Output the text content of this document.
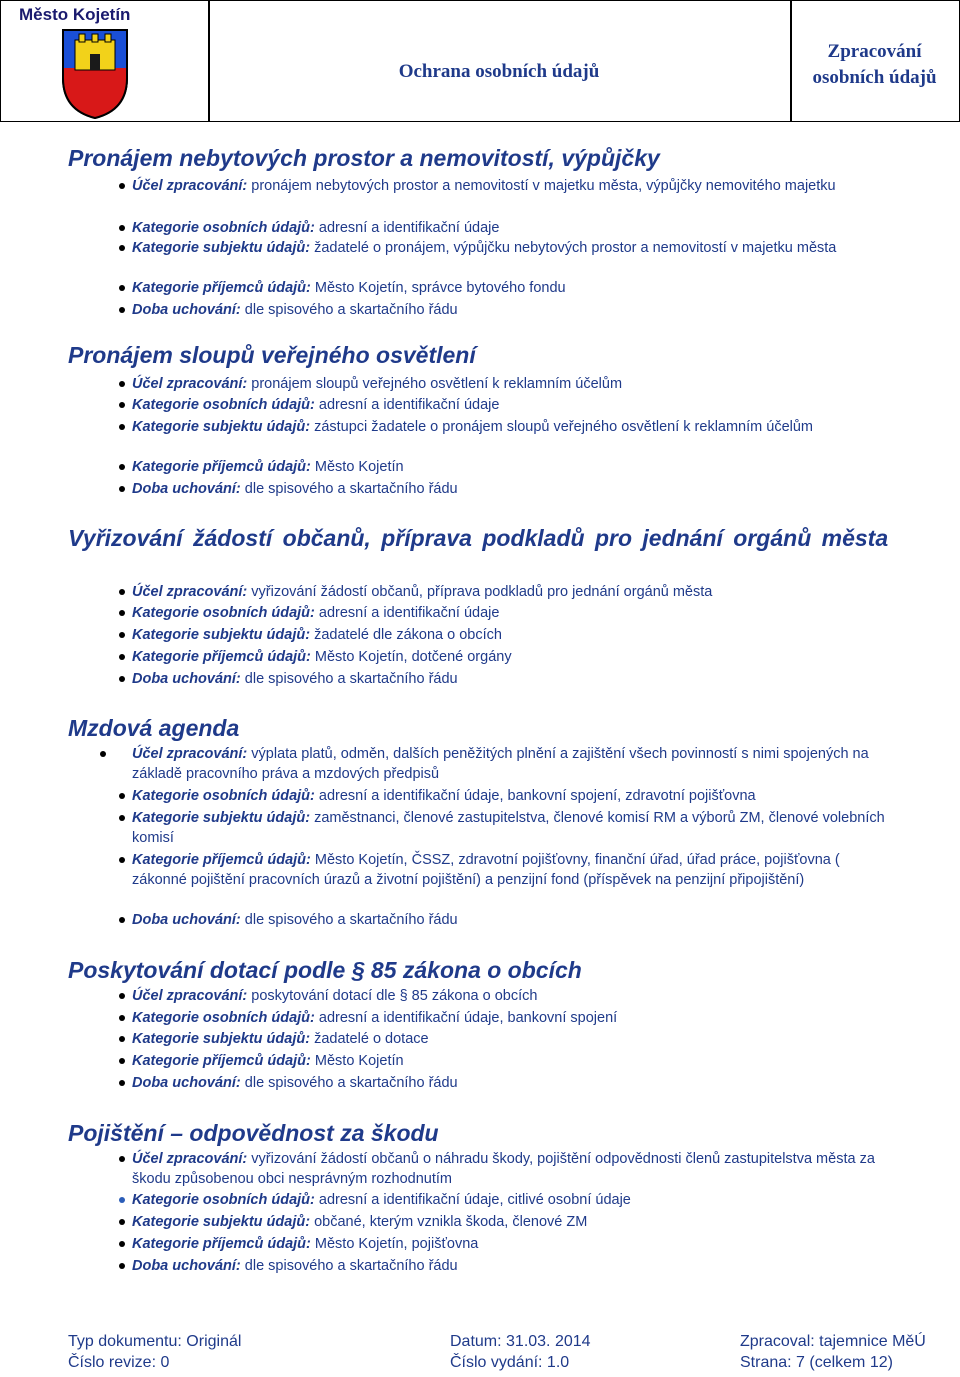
Město Kojetín
Ochrana osobních údajů
Zpracování
osobních údajů
Pronájem nebytových prostor a nemovitostí, výpůjčky
Účel zpracování: pronájem nebytových prostor a nemovitostí v majetku města, výpůjčky nemovitého majetku
Kategorie osobních údajů: adresní a identifikační údaje
Kategorie subjektu údajů: žadatelé o pronájem, výpůjčku nebytových prostor a nemovitostí v majetku města
Kategorie příjemců údajů: Město Kojetín, správce bytového fondu
Doba uchování: dle spisového a skartačního řádu
Pronájem sloupů veřejného osvětlení
Účel zpracování: pronájem sloupů veřejného osvětlení k reklamním účelům
Kategorie osobních údajů: adresní a identifikační údaje
Kategorie subjektu údajů: zástupci žadatele o pronájem sloupů veřejného osvětlení k reklamním účelům
Kategorie příjemců údajů: Město Kojetín
Doba uchování: dle spisového a skartačního řádu
Vyřizování žádostí občanů, příprava podkladů pro jednání orgánů města
Účel zpracování: vyřizování žádostí občanů, příprava podkladů pro jednání orgánů města
Kategorie osobních údajů: adresní a identifikační údaje
Kategorie subjektu údajů: žadatelé dle zákona o obcích
Kategorie příjemců údajů: Město Kojetín, dotčené orgány
Doba uchování: dle spisového a skartačního řádu
Mzdová agenda
Účel zpracování: výplata platů, odměn, dalších peněžitých plnění a zajištění všech povinností s nimi spojených na základě pracovního práva a mzdových předpisů
Kategorie osobních údajů: adresní a identifikační údaje, bankovní spojení, zdravotní pojišťovna
Kategorie subjektu údajů: zaměstnanci, členové zastupitelstva, členové komisí RM a výborů ZM, členové volebních komisí
Kategorie příjemců údajů: Město Kojetín, ČSSZ, zdravotní pojišťovny, finanční úřad, úřad práce, pojišťovna ( zákonné pojištění pracovních úrazů a životní pojištění) a penzijní fond (příspěvek na penzijní připojištění)
Doba uchování: dle spisového a skartačního řádu
Poskytování dotací podle § 85 zákona o obcích
Účel zpracování: poskytování dotací dle § 85 zákona o obcích
Kategorie osobních údajů: adresní a identifikační údaje, bankovní spojení
Kategorie subjektu údajů: žadatelé o dotace
Kategorie příjemců údajů: Město Kojetín
Doba uchování: dle spisového a skartačního řádu
Pojištění – odpovědnost za škodu
Účel zpracování: vyřizování žádostí občanů o náhradu škody, pojištění odpovědnosti členů zastupitelstva města za škodu způsobenou obci nesprávným rozhodnutím
Kategorie osobních údajů: adresní a identifikační údaje, citlivé osobní údaje
Kategorie subjektu údajů: občané, kterým vznikla škoda, členové ZM
Kategorie příjemců údajů: Město Kojetín, pojišťovna
Doba uchování: dle spisového a skartačního řádu
Typ dokumentu: Originál	Datum: 31.03. 2014	Zpracoval: tajemnice MěÚ
Číslo revize: 0	Číslo vydání: 1.0	Strana: 7 (celkem 12)
